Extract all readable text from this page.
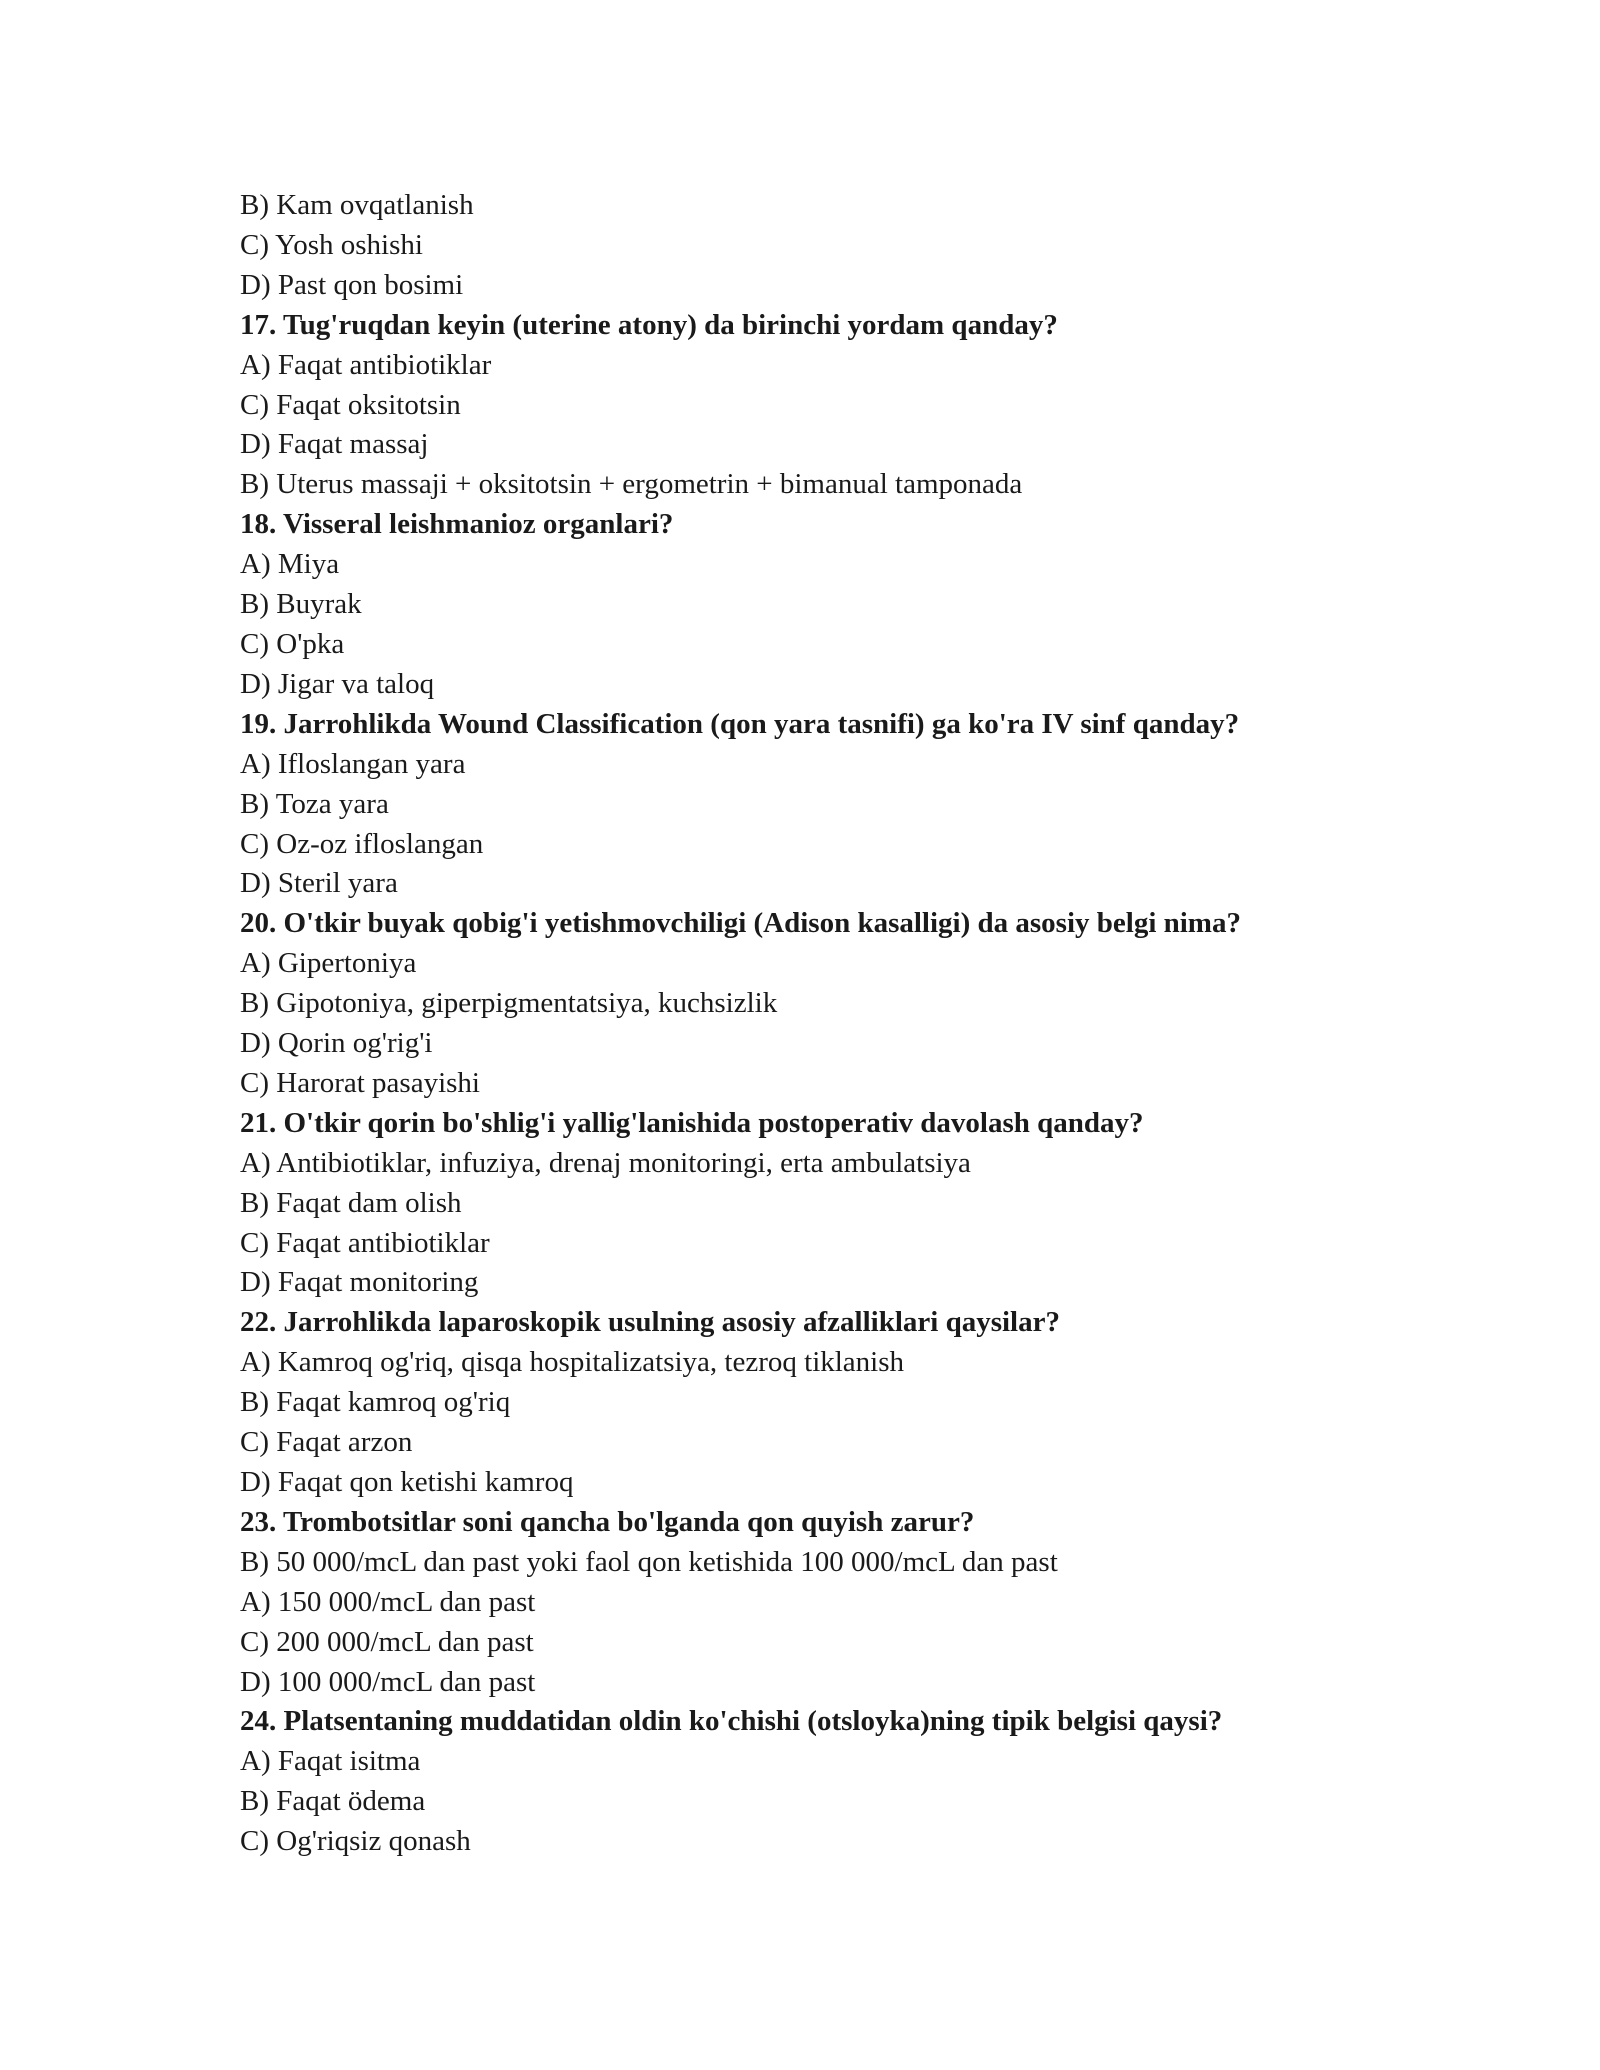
B) Kam ovqatlanish
C) Yosh oshishi
D) Past qon bosimi
17. Tug'ruqdan keyin (uterine atony) da birinchi yordam qanday?
A) Faqat antibiotiklar
C) Faqat oksitotsin
D) Faqat massaj
B) Uterus massaji + oksitotsin + ergometrin + bimanual tamponada
18. Visseral leishmanioz organlari?
A) Miya
B) Buyrak
C) O'pka
D) Jigar va taloq
19. Jarrohlikda Wound Classification (qon yara tasnifi) ga ko'ra IV sinf qanday?
A) Ifloslangan yara
B) Toza yara
C) Oz-oz ifloslangan
D) Steril yara
20. O'tkir buyak qobig'i yetishmovchiligi (Adison kasalligi) da asosiy belgi nima?
A) Gipertoniya
B) Gipotoniya, giperpigmentatsiya, kuchsizlik
D) Qorin og'rig'i
C) Harorat pasayishi
21. O'tkir qorin bo'shlig'i yallig'lanishida postoperativ davolash qanday?
A) Antibiotiklar, infuziya, drenaj monitoringi, erta ambulatsiya
B) Faqat dam olish
C) Faqat antibiotiklar
D) Faqat monitoring
22. Jarrohlikda laparoskopik usulning asosiy afzalliklari qaysilar?
A) Kamroq og'riq, qisqa hospitalizatsiya, tezroq tiklanish
B) Faqat kamroq og'riq
C) Faqat arzon
D) Faqat qon ketishi kamroq
23. Trombotsitlar soni qancha bo'lganda qon quyish zarur?
B) 50 000/mcL dan past yoki faol qon ketishida 100 000/mcL dan past
A) 150 000/mcL dan past
C) 200 000/mcL dan past
D) 100 000/mcL dan past
24. Platsentaning muddatidan oldin ko'chishi (otsloyka)ning tipik belgisi qaysi?
A) Faqat isitma
B) Faqat ödema
C) Og'riqsiz qonash
